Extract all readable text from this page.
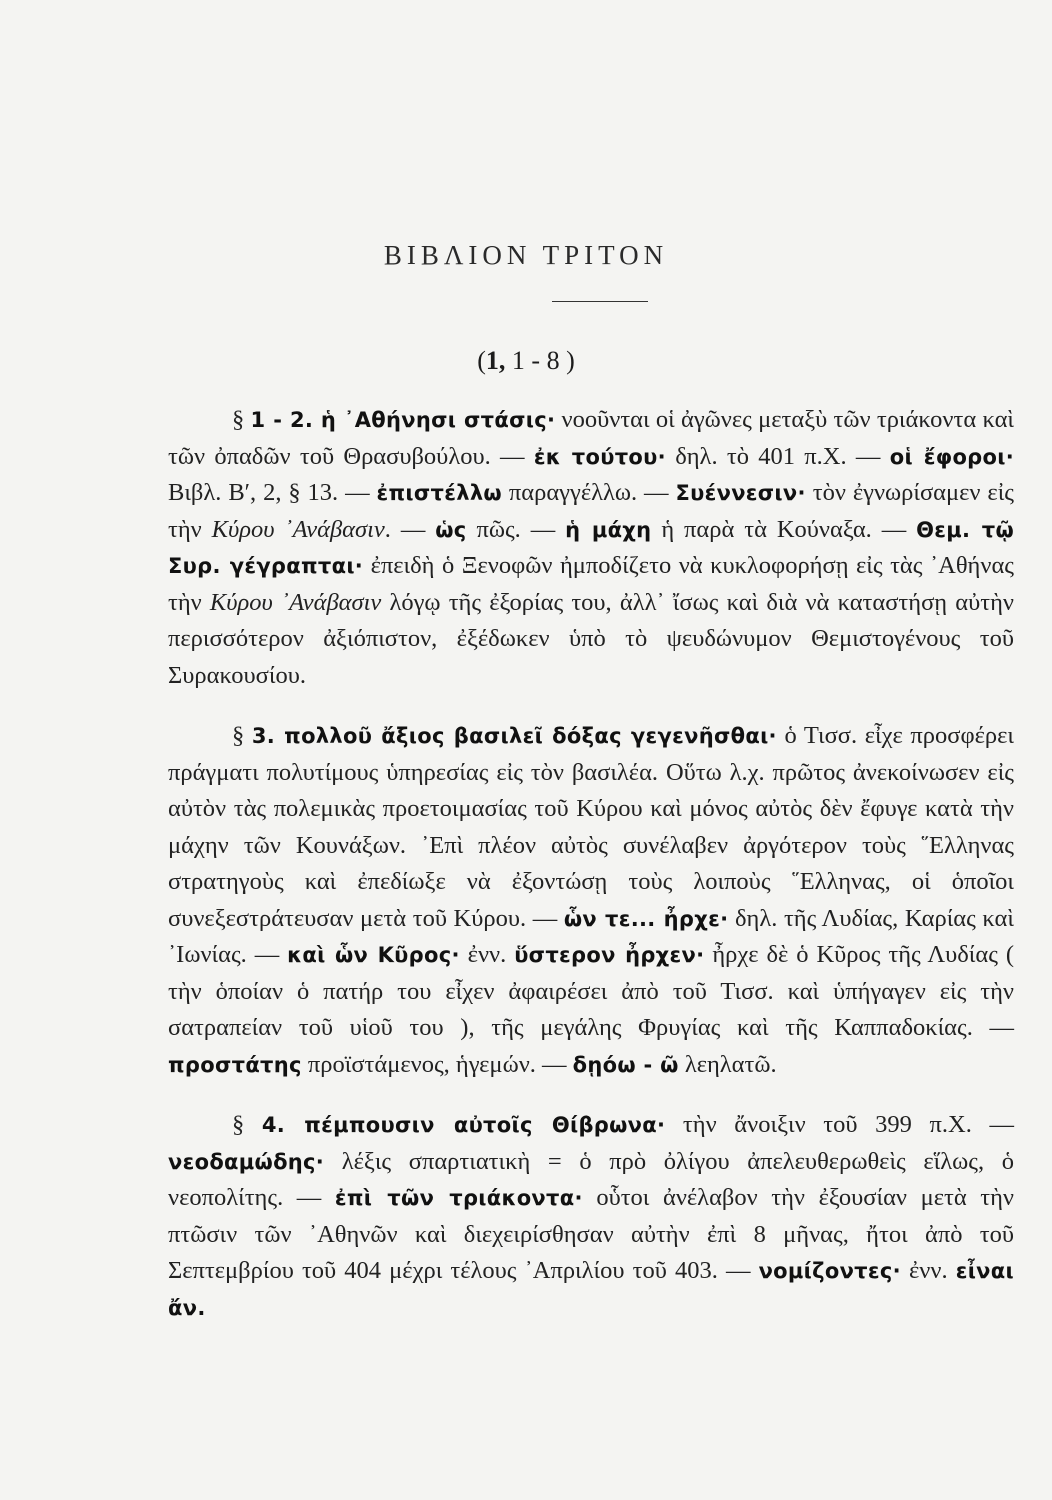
ΒΙΒΛΙΟΝ ΤΡΙΤΟΝ
(1, 1 - 8 )

§ 1 - 2. ἡ ᾿Αθήνησι στάσις· νοοῦνται οἱ ἀγῶνες μεταξὺ τῶν τριάκοντα καὶ τῶν ὀπαδῶν τοῦ Θρασυβούλου. — ἐκ τούτου· δηλ. τὸ 401 π.Χ. — οἱ ἔφοροι· Βιβλ. Β′, 2, § 13. — ἐπιστέλλω παραγγέλλω. — Συέννεσιν· τὸν ἐγνωρίσαμεν εἰς τὴν Κύρου ᾿Ανάβασιν. — ὡς πῶς. — ἡ μάχη ἡ παρὰ τὰ Κούναξα. — Θεμ. τῷ Συρ. γέγραπται· ἐπειδὴ ὁ Ξενοφῶν ἠμποδίζετο νὰ κυκλοφορήσῃ εἰς τὰς ᾿Αθήνας τὴν Κύρου ᾿Ανάβασιν λόγῳ τῆς ἐξορίας του, ἀλλ᾿ ἴσως καὶ διὰ νὰ καταστήσῃ αὐτὴν περισσότερον ἀξιόπιστον, ἐξέδωκεν ὑπὸ τὸ ψευδώνυμον Θεμιστογένους τοῦ Συρακουσίου.

§ 3. πολλοῦ ἄξιος βασιλεῖ δόξας γεγενῆσθαι· ὁ Τισσ. εἶχε προσφέρει πράγματι πολυτίμους ὑπηρεσίας εἰς τὸν βασιλέα. Οὕτω λ.χ. πρῶτος ἀνεκοίνωσεν εἰς αὐτὸν τὰς πολεμικὰς προετοιμασίας τοῦ Κύρου καὶ μόνος αὐτὸς δὲν ἔφυγε κατὰ τὴν μάχην τῶν Κουνάξων. ᾿Επὶ πλέον αὐτὸς συνέλαβεν ἀργότερον τοὺς ῞Ελληνας στρατηγοὺς καὶ ἐπεδίωξε νὰ ἐξοντώσῃ τοὺς λοιποὺς ῞Ελληνας, οἱ ὁποῖοι συνεξεστράτευσαν μετὰ τοῦ Κύρου. — ὧν τε... ἦρχε· δηλ. τῆς Λυδίας, Καρίας καὶ ᾿Ιωνίας. — καὶ ὧν Κῦρος· ἐνν. ὕστερον ἦρχεν· ἦρχε δὲ ὁ Κῦρος τῆς Λυδίας ( τὴν ὁποίαν ὁ πατήρ του εἶχεν ἀφαιρέσει ἀπὸ τοῦ Τισσ. καὶ ὑπήγαγεν εἰς τὴν σατραπείαν τοῦ υἱοῦ του ), τῆς μεγάλης Φρυγίας καὶ τῆς Καππαδοκίας. — προστάτης προϊστάμενος, ἡγεμών. — δῃόω - ῶ λεηλατῶ.

§ 4. πέμπουσιν αὐτοῖς Θίβρωνα· τὴν ἄνοιξιν τοῦ 399 π.Χ. — νεοδαμώδης· λέξις σπαρτιατικὴ = ὁ πρὸ ὀλίγου ἀπελευθερωθεὶς εἵλως, ὁ νεοπολίτης. — ἐπὶ τῶν τριάκοντα· οὗτοι ἀνέλαβον τὴν ἐξουσίαν μετὰ τὴν πτῶσιν τῶν ᾿Αθηνῶν καὶ διεχειρίσθησαν αὐτὴν ἐπὶ 8 μῆνας, ἤτοι ἀπὸ τοῦ Σεπτεμβρίου τοῦ 404 μέχρι τέλους ᾿Απριλίου τοῦ 403. — νομίζοντες· ἐνν. εἶναι ἄν.
